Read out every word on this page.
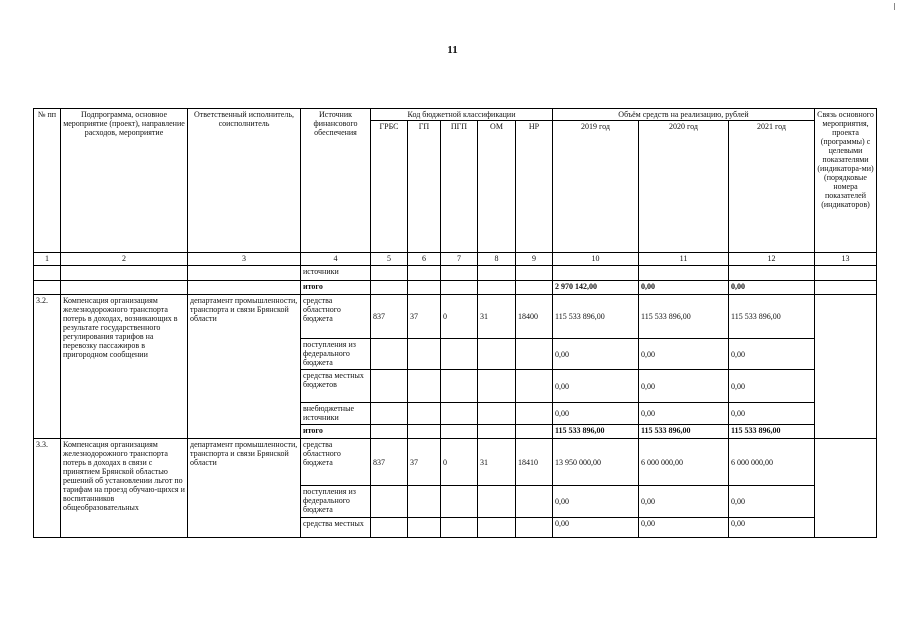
11
№ пп	Подпрограмма, основное мероприятие (проект), направление расходов, мероприятие	Ответственный исполнитель, соисполнитель	Источник финансового обеспечения	Код бюджетной классификации					Объём средств на реализацию, рублей			Связь основного мероприятия, проекта (программы) с целевыми показателями (индикатора-ми) (порядковые номера показателей (индикаторов)
				ГРБС	ГП	ПГП	ОМ	НР	2019 год	2020 год	2021 год	
1	2	3	4	5	6	7	8	9	10	11	12	13
			источники									
			итого						2 970 142,00	0,00	0,00	
3.2.	Компенсация организациям железнодорожного транспорта потерь в доходах, возникающих в результате государственного регулирования тарифов на перевозку пассажиров в пригородном сообщении	департамент промышленности, транспорта и связи Брянской области	средства областного бюджета	837	37	0	31	18400	115 533 896,00	115 533 896,00	115 533 896,00	
			поступления из федерального бюджета						0,00	0,00	0,00	
			средства местных бюджетов						0,00	0,00	0,00	
			внебюджетные источники						0,00	0,00	0,00	
			итого						115 533 896,00	115 533 896,00	115 533 896,00	
3.3.	Компенсация организациям железнодорожного транспорта потерь в доходах в связи с принятием Брянской областью решений об установлении льгот по тарифам на проезд обучаю-щихся и воспитанников общеобразовательных	департамент промышленности, транспорта и связи Брянской области	средства областного бюджета	837	37	0	31	18410	13 950 000,00	6 000 000,00	6 000 000,00	
			поступления из федерального бюджета						0,00	0,00	0,00	
			средства местных						0,00	0,00	0,00	
